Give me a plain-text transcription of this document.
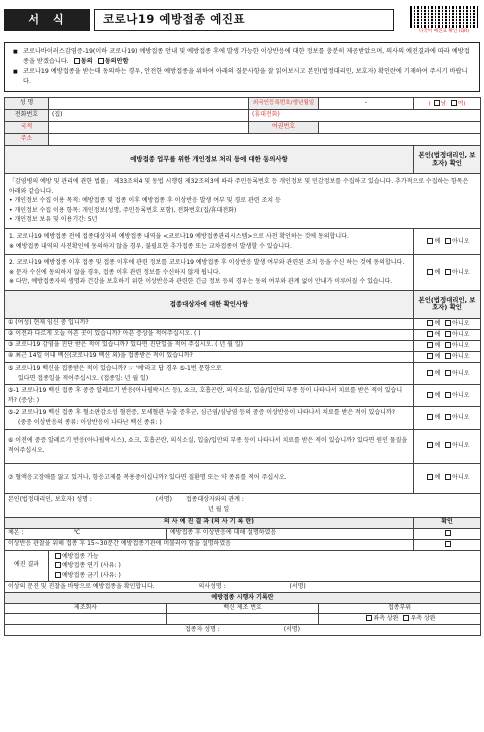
서식	코로나19 예방접종 예진표
다국어 예진표 확인 (QR)
■ 코로나바이러스감염증-19(이하 코로나19) 예방접종 안내 및 예방접종 후에 발생 가능한 이상반응에 대한 정보를 충분히 제공받았으며, 의사의 예진결과에 따라 예방접종을 받겠습니다. 동의 동의안함
■ 코로나19 예방접종을 받는데 동의하는 경우, 안전한 예방접종을 위하여 아래의 질문사항을 잘 읽어보시고 본인(법정대리인, 보호자) 확인란에 기재하여 주시기 바랍니다.
성 명			외국인등록번호/생년월일	-	( 남 여)
전화번호	(집)		(휴대전화)		
국적			여권번호		
주소					
예방접종 업무를 위한 개인정보 처리 등에 대한 동의사항					본인(법정대리인, 보호자) 확인

「감염병의 예방 및 관리에 관한 법률」 제33조의4 및 동법 시행령 제32조의3에 따라 주민등록번호 등 개인정보 및 민감정보를 수집하고 있습니다. 추가적으로 수집하는 항목은 아래와 같습니다.
• 개인정보 수집 이용 목적: 예방접종 및 접종 이후 예방접종 후 이상반응 발생 여부 및 경로 관련 조치 등
• 개인정보 수집 이용 항목: 개인정보(성명, 주민등록번호 포함), 전화번호(집/휴대전화)
• 개인정보 보유 및 이용기간: 5년					

1. 코로나19 예방접종 전에 접종대상자의 예방접종 내역을 <코로나19 예방접종관리시스템>으로 사전 확인하는 것에 동의합니다.
※ 예방접종 내역의 사전확인에 동의하지 않을 경우, 불필요한 추가접종 또는 교차접종이 발생할 수 있습니다.					예 아니오

2. 코로나19 예방접종 이후 접종 및 접종 이후에 관련 정보를 코로나19 예방접종 후 이상반응 발생 여부와 관련된 조치 등을 수신 하는 것에 동의합니다.
※ 문자 수신에 동의하지 않을 경우, 접종 이후 관련 정보를 수신하지 않게 됩니다.
※ 다만, 예방접종자의 생명과 건강을 보호하기 위한 이상반응과 관련한 긴급 정보 등의 경우는 동의 여부와 관계 없이 안내가 이루어질 수 있습니다.					예 아니오
접종대상자에 대한 확인사항					본인(법정대리인, 보호자) 확인
① (여성) 현재 임신 중 입니까?					예 아니오
② 이전과 다르게 오늘 아픈 곳이 있습니까? 아픈 증상을 적어주십시오. ( )					예 아니오
③ 코로나19 감염을 진단 받은 적이 있습니까? 있다면 진단일을 적어 주십시오. ( 년 월 일)					예 아니오
④ 최근 14일 이내 백신(코로나19 백신 외)을 접종받은 적이 있습니까?					예 아니오

⑤ 코로나19 백신을 접종받은 적이 있습니까? ☞ '예'라고 답 경우 ⑤-1번 문항으로
있다면 접종일을 적어주십시오. (접종일: 년 월 일)					예 아니오
⑤-1 코로나19 백신 접종 후 중증 알레르기 반응(아나필락시스 등), 쇼크, 호흡곤란, 의식소실, 입술/입안의 부종 등이 나타나서 치료를 받은 적이 있습니까? (증상: )					예 아니오

⑤-2 코로나19 백신 접종 후 혈소판감소성 혈전증, 모세혈관 누출 증후군, 심근염/심낭염 등의 중증 이상반응이 나타나서 치료를 받은 적이 있습니까?
(중증 이상반응의 종류: 이상반응이 나타난 백신 종류: )					예 아니오
⑥ 이전에 중증 알레르기 반응(아나필락시스), 쇼크, 호흡곤란, 의식소실, 입술/입안의 부종 등이 나타나서 치료를 받은 적이 있습니까? 있다면 원인 물질을 적어주십시오.					예 아니오
⑦ 혈액응고장애를 앓고 있거나, 항응고제를 복용중이십니까? 있다면 질환명 또는 약 종류를 적어 주십시오.					예 아니오

본인(법정대리인, 보호자) 성명 : (서명) 접종대상자와의 관계 :
년 월 일					

의 사 예 진 결 과 (의 사 기 록 란)					확인
체온 : ℃		예방접종 후 이상반응에 대해 설명하였음			
이상반응 관찰을 위해 접종 후 15~30분간 예방접종기관에 머물러야 함을 설명하였음					
예진 결과	예방접종 가능
예방접종 연기 (사유: )
예방접종 금기 (사유: )				

이상의 문진 및 진찰을 바탕으로 예방접종을 확인합니다. 의사성명 : (서명)					
예방접종 시행자 기록란					
제조회사		백신 제조 번호		접종부위	
				좌측 상완 우측 상완	
접종자 성명 : (서명)					
